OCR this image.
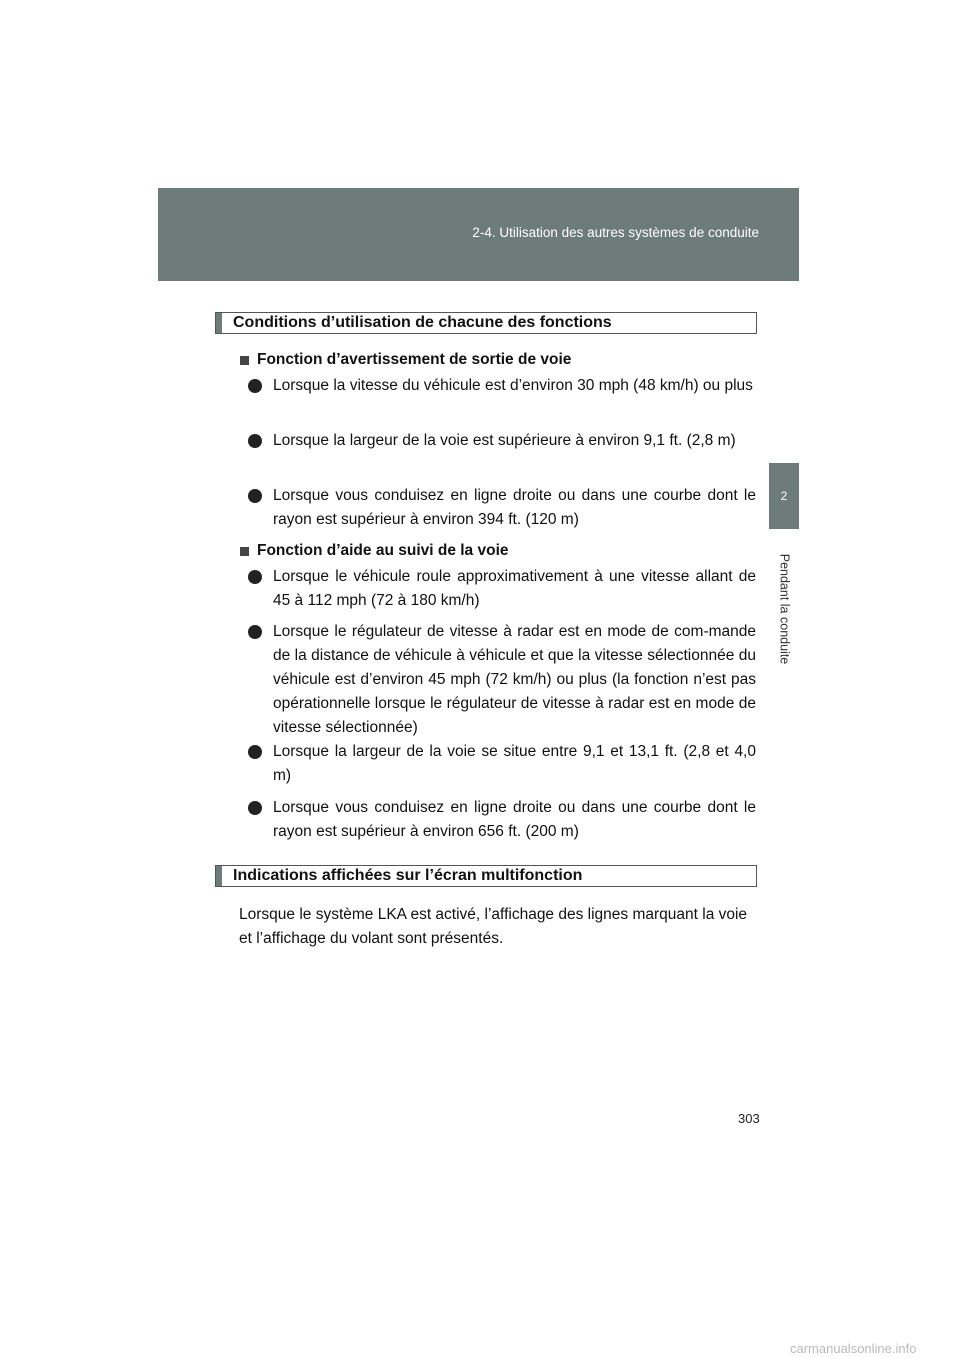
2-4. Utilisation des autres systèmes de conduite
2
Pendant la conduite
Conditions d’utilisation de chacune des fonctions
Fonction d’avertissement de sortie de voie
Lorsque la vitesse du véhicule est d’environ 30 mph (48 km/h) ou plus
Lorsque la largeur de la voie est supérieure à environ 9,1 ft. (2,8 m)
Lorsque vous conduisez en ligne droite ou dans une courbe dont le rayon est supérieur à environ 394 ft. (120 m)
Fonction d’aide au suivi de la voie
Lorsque le véhicule roule approximativement à une vitesse allant de 45 à 112 mph (72 à 180 km/h)
Lorsque le régulateur de vitesse à radar est en mode de com-mande de la distance de véhicule à véhicule et que la vitesse sélectionnée du véhicule est d’environ 45 mph (72 km/h) ou plus (la fonction n’est pas opérationnelle lorsque le régulateur de vitesse à radar est en mode de vitesse sélectionnée)
Lorsque la largeur de la voie se situe entre 9,1 et 13,1 ft. (2,8 et 4,0 m)
Lorsque vous conduisez en ligne droite ou dans une courbe dont le rayon est supérieur à environ 656 ft. (200 m)
Indications affichées sur l’écran multifonction
Lorsque le système LKA est activé, l’affichage des lignes marquant la voie et l’affichage du volant sont présentés.
303
carmanualsonline.info
